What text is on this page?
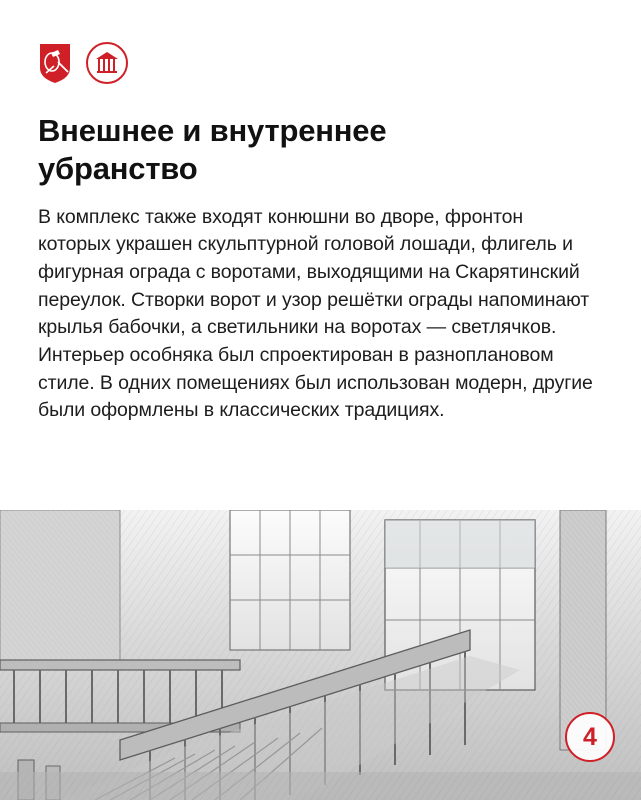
Внешнее и внутреннее убранство

В комплекс также входят конюшни во дворе, фронтон которых украшен скульптурной головой лошади, флигель и фигурная ограда с воротами, выходящими на Скарятинский переулок. Створки ворот и узор решётки ограды напоминают крылья бабочки, а светильники на воротах — светлячков. Интерьер особняка был спроектирован в разноплановом стиле. В одних помещениях был использован модерн, другие были оформлены в классических традициях.

4
